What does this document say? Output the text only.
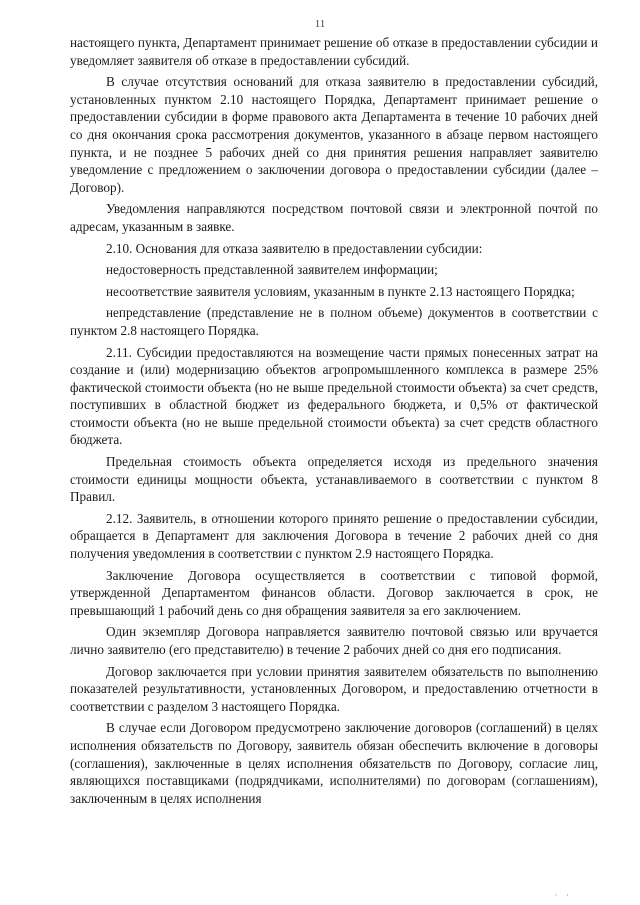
11

настоящего пункта, Департамент принимает решение об отказе в предоставлении субсидии и уведомляет заявителя об отказе в предоставлении субсидий.

В случае отсутствия оснований для отказа заявителю в предоставлении субсидий, установленных пунктом 2.10 настоящего Порядка, Департамент принимает решение о предоставлении субсидии в форме правового акта Департамента в течение 10 рабочих дней со дня окончания срока рассмотрения документов, указанного в абзаце первом настоящего пункта, и не позднее 5 рабочих дней со дня принятия решения направляет заявителю уведомление с предложением о заключении договора о предоставлении субсидии (далее – Договор).

Уведомления направляются посредством почтовой связи и электронной почтой по адресам, указанным в заявке.

2.10. Основания для отказа заявителю в предоставлении субсидии:

недостоверность представленной заявителем информации;

несоответствие заявителя условиям, указанным в пункте 2.13 настоящего Порядка;

непредставление (представление не в полном объеме) документов в соответствии с пунктом 2.8 настоящего Порядка.

2.11. Субсидии предоставляются на возмещение части прямых понесенных затрат на создание и (или) модернизацию объектов агропромышленного комплекса в размере 25% фактической стоимости объекта (но не выше предельной стоимости объекта) за счет средств, поступивших в областной бюджет из федерального бюджета, и 0,5% от фактической стоимости объекта (но не выше предельной стоимости объекта) за счет средств областного бюджета.

Предельная стоимость объекта определяется исходя из предельного значения стоимости единицы мощности объекта, устанавливаемого в соответствии с пунктом 8 Правил.

2.12. Заявитель, в отношении которого принято решение о предоставлении субсидии, обращается в Департамент для заключения Договора в течение 2 рабочих дней со дня получения уведомления в соответствии с пунктом 2.9 настоящего Порядка.

Заключение Договора осуществляется в соответствии с типовой формой, утвержденной Департаментом финансов области. Договор заключается в срок, не превышающий 1 рабочий день со дня обращения заявителя за его заключением.

Один экземпляр Договора направляется заявителю почтовой связью или вручается лично заявителю (его представителю) в течение 2 рабочих дней со дня его подписания.

Договор заключается при условии принятия заявителем обязательств по выполнению показателей результативности, установленных Договором, и предоставлению отчетности в соответствии с разделом 3 настоящего Порядка.

В случае если Договором предусмотрено заключение договоров (соглашений) в целях исполнения обязательств по Договору, заявитель обязан обеспечить включение в договоры (соглашения), заключенные в целях исполнения обязательств по Договору, согласие лиц, являющихся поставщиками (подрядчиками, исполнителями) по договорам (соглашениям), заключенным в целях исполнения

· ·
